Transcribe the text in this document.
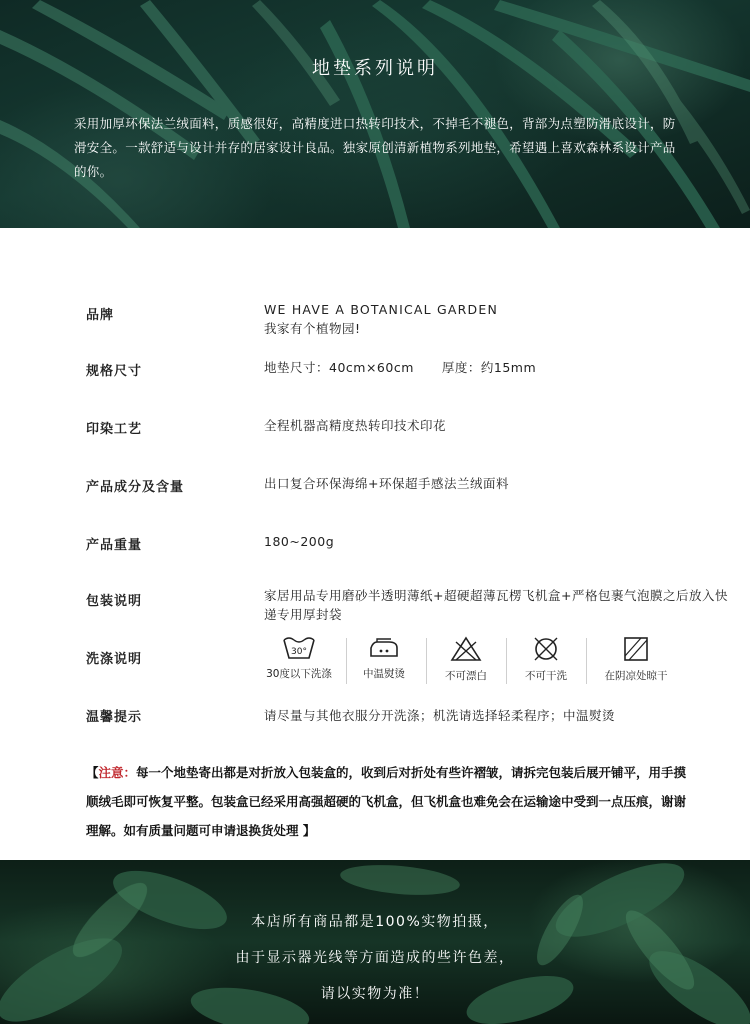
地垫系列说明
采用加厚环保法兰绒面料，质感很好，高精度进口热转印技术，不掉毛不褪色，背部为点塑防滑底设计，防滑安全。一款舒适与设计并存的居家设计良品。独家原创清新植物系列地垫，希望遇上喜欢森林系设计产品的你。
品牌	WE HAVE A BOTANICAL GARDEN
我家有个植物园!
规格尺寸	地垫尺寸：40cm×60cm 厚度：约15mm
印染工艺	全程机器高精度热转印技术印花
产品成分及含量	出口复合环保海绵+环保超手感法兰绒面料
产品重量	180~200g
包装说明	家居用品专用磨砂半透明薄纸+超硬超薄瓦楞飞机盒+严格包裹气泡膜之后放入快递专用厚封袋
洗涤说明	30°
30度以下洗涤	中温熨烫	不可漂白	不可干洗	在阴凉处晾干
温馨提示	请尽量与其他衣服分开洗涤；机洗请选择轻柔程序；中温熨烫
【注意：每一个地垫寄出都是对折放入包装盒的，收到后对折处有些许褶皱，请拆完包装后展开铺平，用手摸顺绒毛即可恢复平整。包装盒已经采用高强超硬的飞机盒，但飞机盒也难免会在运输途中受到一点压痕，谢谢理解。如有质量问题可申请退换货处理 】
本店所有商品都是100%实物拍摄，
由于显示器光线等方面造成的些许色差，
请以实物为准！
